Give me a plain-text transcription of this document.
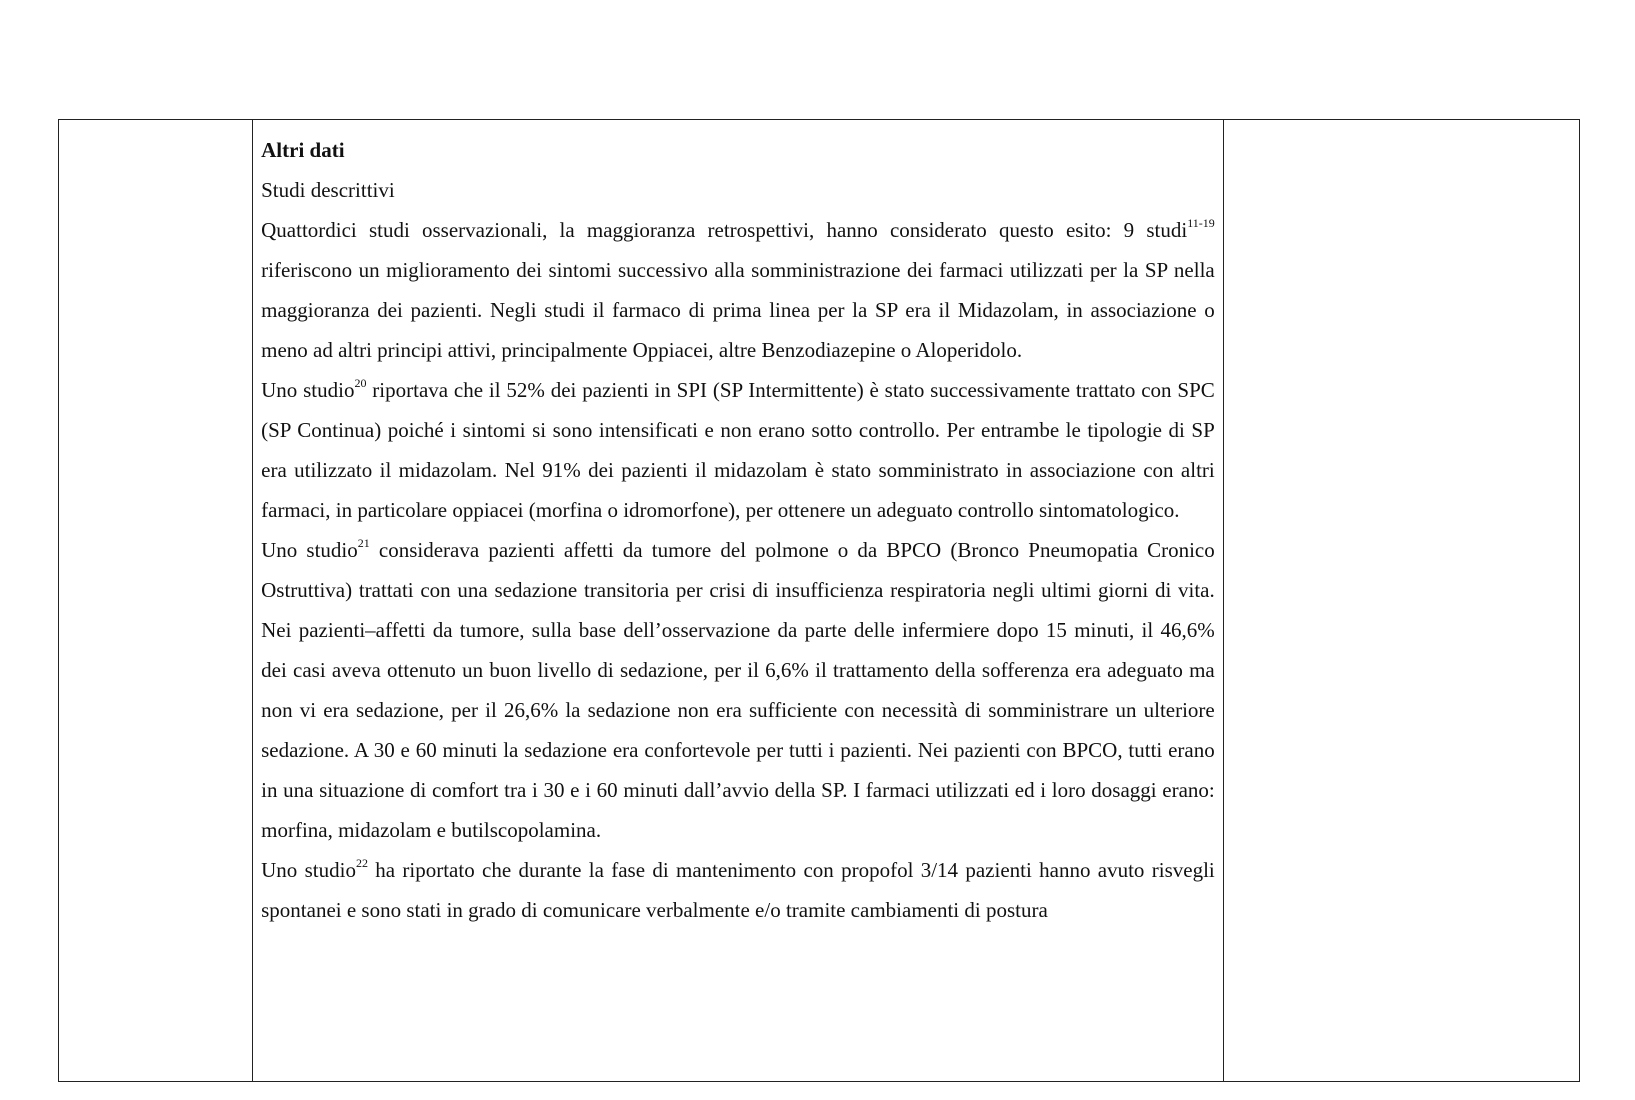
Altri dati

Studi descrittivi

Quattordici studi osservazionali, la maggioranza retrospettivi, hanno considerato questo esito: 9 studi$^{11-19}$ riferiscono un miglioramento dei sintomi successivo alla somministrazione dei farmaci utilizzati per la SP nella maggioranza dei pazienti. Negli studi il farmaco di prima linea per la SP era il Midazolam, in associazione o meno ad altri principi attivi, principalmente Oppiacei, altre Benzodiazepine o Aloperidolo.

Uno studio$^{20}$ riportava che il 52% dei pazienti in SPI (SP Intermittente) è stato successivamente trattato con SPC (SP Continua) poiché i sintomi si sono intensificati e non erano sotto controllo. Per entrambe le tipologie di SP era utilizzato il midazolam. Nel 91% dei pazienti il midazolam è stato somministrato in associazione con altri farmaci, in particolare oppiacei (morfina o idromorfone), per ottenere un adeguato controllo sintomatologico.

Uno studio$^{21}$ considerava pazienti affetti da tumore del polmone o da BPCO (Bronco Pneumopatia Cronico Ostruttiva) trattati con una sedazione transitoria per crisi di insufficienza respiratoria negli ultimi giorni di vita. Nei pazienti–affetti da tumore, sulla base dell’osservazione da parte delle infermiere dopo 15 minuti, il 46,6% dei casi aveva ottenuto un buon livello di sedazione, per il 6,6% il trattamento della sofferenza era adeguato ma non vi era sedazione, per il 26,6% la sedazione non era sufficiente con necessità di somministrare un ulteriore sedazione. A 30 e 60 minuti la sedazione era confortevole per tutti i pazienti. Nei pazienti con BPCO, tutti erano in una situazione di comfort tra i 30 e i 60 minuti dall’avvio della SP. I farmaci utilizzati ed i loro dosaggi erano: morfina, midazolam e butilscopolamina.

Uno studio$^{22}$ ha riportato che durante la fase di mantenimento con propofol 3/14 pazienti hanno avuto risvegli spontanei e sono stati in grado di comunicare verbalmente e/o tramite cambiamenti di postura
